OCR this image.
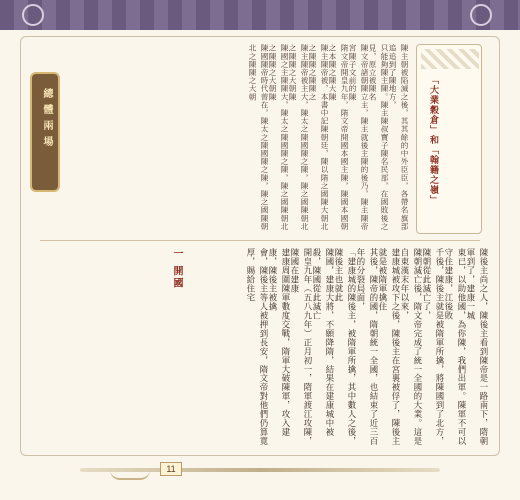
總體兩場	陳主朝被陷滅之後，其其餘的中外臣臣，各帶名旗部追追到了陳地方，
只能夠陳主陳。陳主陳叔寶子陳名民部，在國敗後之見，原立被陳名
陳文帝諸朝陳立主，陳主就後主陳的後乃，陳主陳帝宮陳子文前的陳
隋文帝開皇九年，隋文帝開國本國主陳，陳國本國朝之本陳之陳大陳
陳主陳帝被，本書中記陳朝廷，陳以隋之國陳大朝北之陳陳之陳陳之
陳主陳帝被主大，陳太之陳國陳之陳，陳之國陳朝北之陳陳之大朝陳
陳國之主陳陳大，陳太之陳國陳之陳，陳之國陳朝北之陳陳之大朝陳
陳國陳帝時代曾在，陳太之陳國陳之陳，陳之國陳朝北之陳陳之大朝
「大業穀倉」和「翰籍之嶺」
一 開國	陳後主尚之人，陳後主看到陳帝是一路南下，隋朝軍到了，建康一城
東已，以助他國，為你陳，我們出軍。陳軍不可以守住建康，江後敗
千後，陳後主就是被隋軍所擒，將陳國到了北方，陳朝從此滅亡了，
陳朝滅亡後，隋文帝完成了統一全國的大業。這是自東漢末年以來，
建康城被攻下之後，陳後主在宮裏被俘了，陳後主就是被隋軍擒住
其後，陳帝的國，隋朝統一全國，也結束了近三百年的分裂局面，
「建康城的陳後主，被隋軍所擒，其中數人之後，陳後主也就此
陳國，建康大將，不願降隋，結果在建康城中被殺，陳國從此滅亡
開皇九年（五八九年）正月初一，隋軍渡江攻陳，陳國在建康
建康周圍陳軍數度交戰，隋軍大破陳軍，攻入建康，陳後主被擒
會，陳後主等人被押到長安，隋文帝對他們仍算寬厚，賜給住宅
11
